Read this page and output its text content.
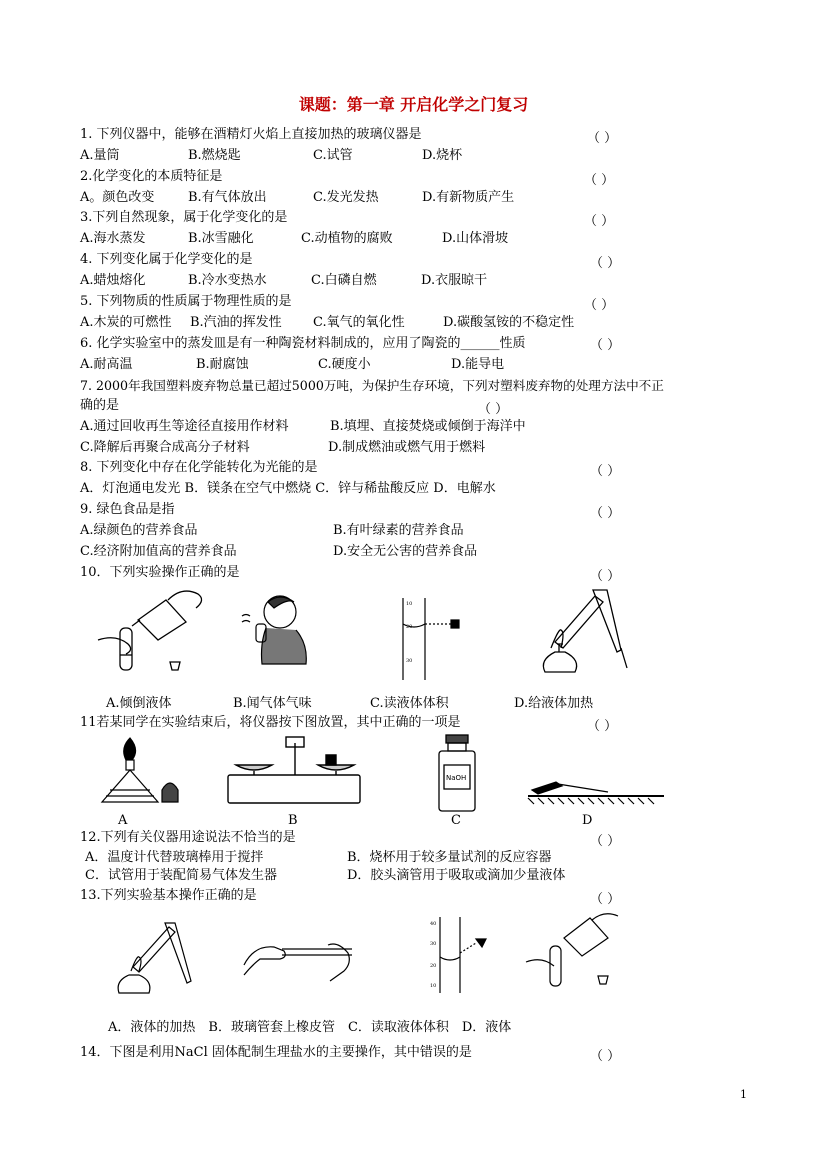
课题：第一章 开启化学之门复习
1. 下列仪器中，能够在酒精灯火焰上直接加热的玻璃仪器是	（ ）
A.量筒	B.燃烧匙	C.试管	D.烧杯
2.化学变化的本质特征是	（ ）
A。颜色改变	B.有气体放出	C.发光发热	D.有新物质产生
3.下列自然现象，属于化学变化的是	（ ）
A.海水蒸发	B.冰雪融化	C.动植物的腐败	D.山体滑坡
4. 下列变化属于化学变化的是	（ ）
A.蜡烛熔化	B.冷水变热水	C.白磷自燃	D.衣服晾干
5. 下列物质的性质属于物理性质的是	（ ）
A.木炭的可燃性 B.汽油的挥发性 C.氧气的氧化性	D.碳酸氢铵的不稳定性
6. 化学实验室中的蒸发皿是有一种陶瓷材料制成的，应用了陶瓷的______性质	（ ）
A.耐高温	B.耐腐蚀	C.硬度小	D.能导电
7. 2000年我国塑料废弃物总量已超过5000万吨，为保护生存环境，下列对塑料废弃物的处理方法中不正
确的是	（ ）
A.通过回收再生等途径直接用作材料	B.填埋、直接焚烧或倾倒于海洋中
C.降解后再聚合成高分子材料	D.制成燃油或燃气用于燃料
8. 下列变化中存在化学能转化为光能的是	（ ）
A．灯泡通电发光 B．镁条在空气中燃烧 C．锌与稀盐酸反应 D．电解水
9. 绿色食品是指	（ ）
A.绿颜色的营养食品	B.有叶绿素的营养食品
C.经济附加值高的营养食品	D.安全无公害的营养食品
10．下列实验操作正确的是	（ ）
10
20
30
A.倾倒液体	B.闻气体气味	C.读液体体积	D.给液体加热
11若某同学在实验结束后，将仪器按下图放置，其中正确的一项是	（ ）
NaOH
A	B	C	D
12.下列有关仪器用途说法不恰当的是	（ ）
A．温度计代替玻璃棒用于搅拌	B．烧杯用于较多量试剂的反应容器
C．试管用于装配简易气体发生器	D．胶头滴管用于吸取或滴加少量液体
13.下列实验基本操作正确的是	（ ）
40
30
20
10
A．液体的加热　B．玻璃管套上橡皮管　C．读取液体体积　D．液体
14．下图是利用NaCl 固体配制生理盐水的主要操作，其中错误的是	（ ）
1
